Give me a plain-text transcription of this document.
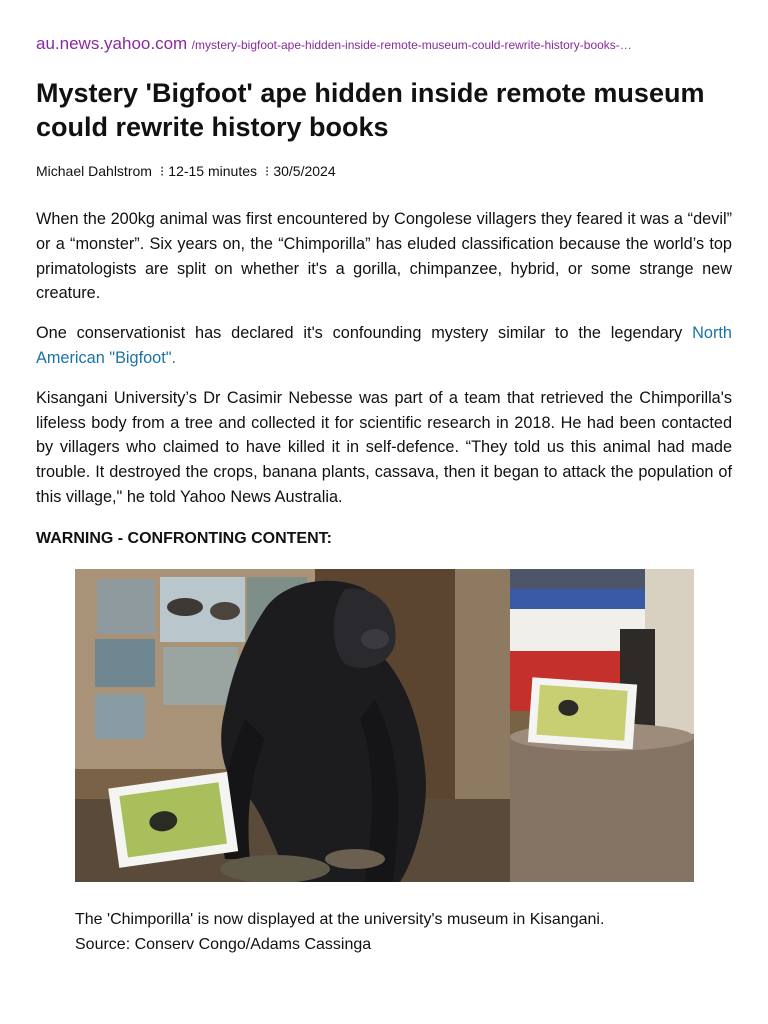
au.news.yahoo.com /mystery-bigfoot-ape-hidden-inside-remote-museum-could-rewrite-history-books-…
Mystery 'Bigfoot' ape hidden inside remote museum could rewrite history books
Michael Dahlstrom ⁝ 12-15 minutes ⁝ 30/5/2024

When the 200kg animal was first encountered by Congolese villagers they feared it was a “devil” or a “monster”. Six years on, the “Chimporilla” has eluded classification because the world’s top primatologists are split on whether it's a gorilla, chimpanzee, hybrid, or some strange new creature.

One conservationist has declared it's confounding mystery similar to the legendary North American "Bigfoot".

Kisangani University’s Dr Casimir Nebesse was part of a team that retrieved the Chimporilla's lifeless body from a tree and collected it for scientific research in 2018. He had been contacted by villagers who claimed to have killed it in self-defence. “They told us this animal had made trouble. It destroyed the crops, banana plants, cassava, then it began to attack the population of this village," he told Yahoo News Australia.

WARNING - CONFRONTING CONTENT:
The 'Chimporilla' is now displayed at the university's museum in Kisangani.
Source: Conserv Congo/Adams Cassinga
